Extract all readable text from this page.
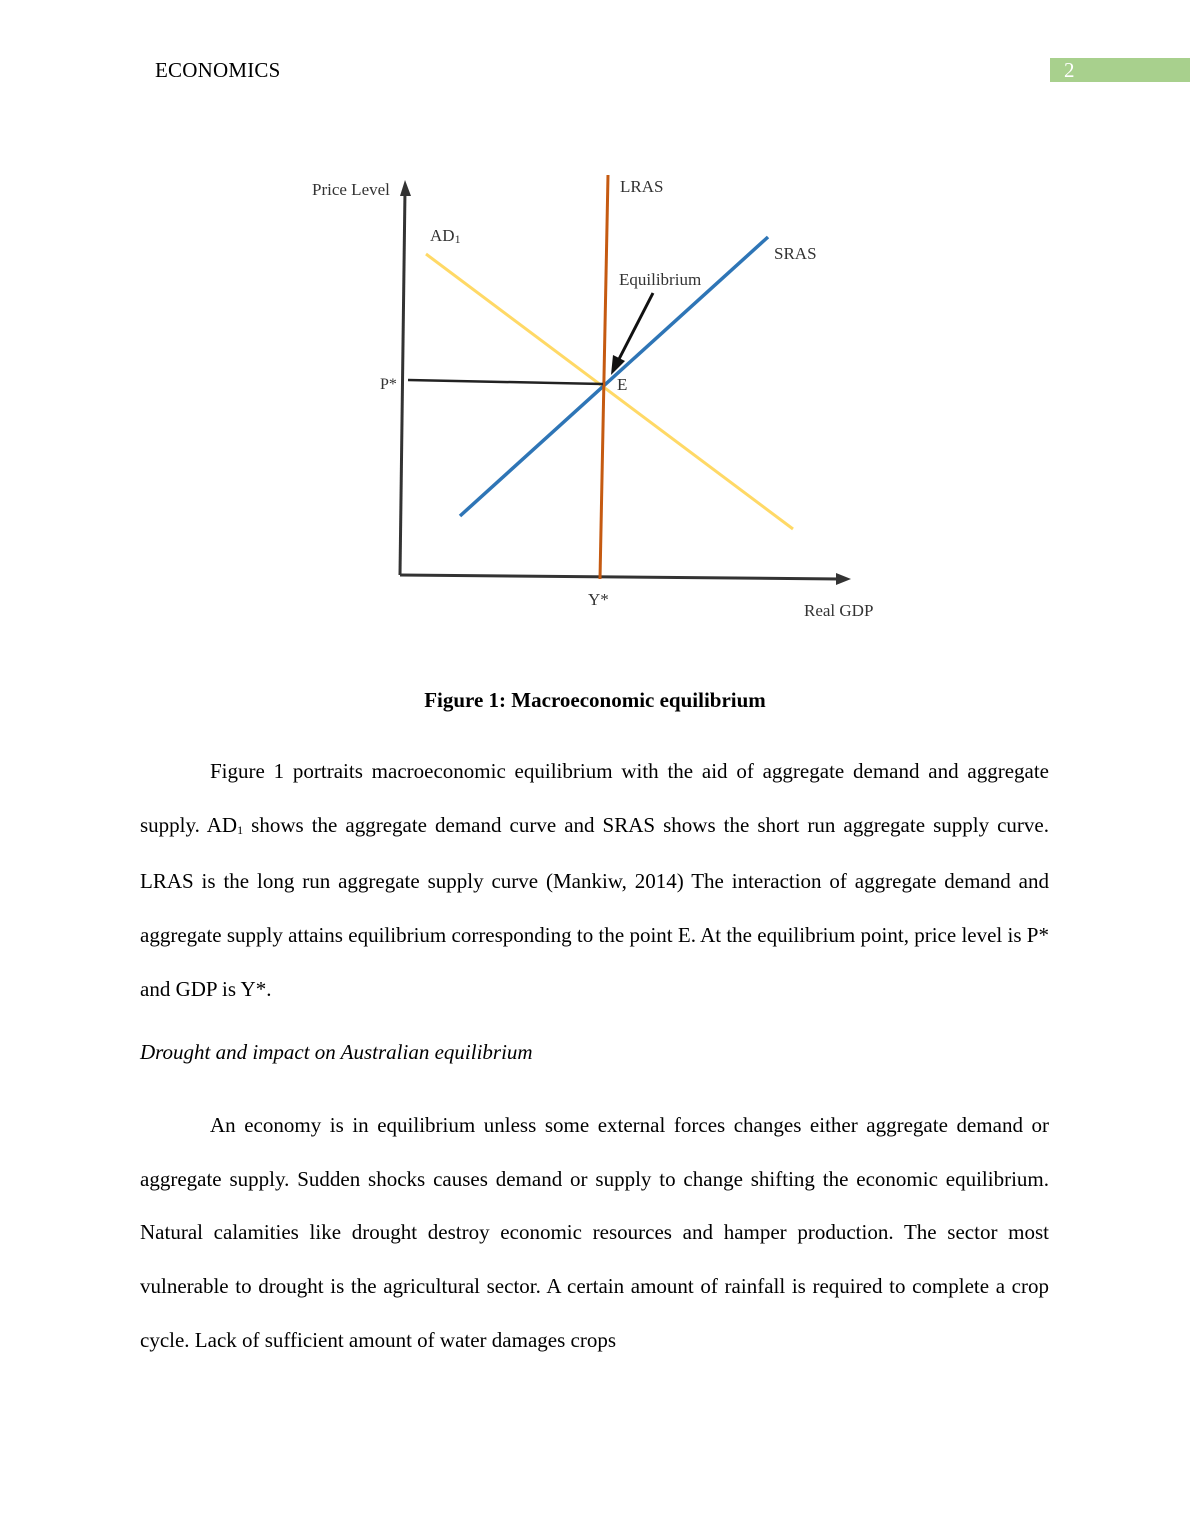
ECONOMICS	2
Price Level
Real GDP
AD1
LRAS
SRAS
Equilibrium
E
P*
Y*
Figure 1: Macroeconomic equilibrium

Figure 1 portraits macroeconomic equilibrium with the aid of aggregate demand and aggregate supply. $AD_1$ shows the aggregate demand curve and SRAS shows the short run aggregate supply curve. LRAS is the long run aggregate supply curve (Mankiw, 2014) The interaction of aggregate demand and aggregate supply attains equilibrium corresponding to the point E. At the equilibrium point, price level is P* and GDP is Y*.

Drought and impact on Australian equilibrium

An economy is in equilibrium unless some external forces changes either aggregate demand or aggregate supply. Sudden shocks causes demand or supply to change shifting the economic equilibrium. Natural calamities like drought destroy economic resources and hamper production. The sector most vulnerable to drought is the agricultural sector. A certain amount of rainfall is required to complete a crop cycle. Lack of sufficient amount of water damages crops
